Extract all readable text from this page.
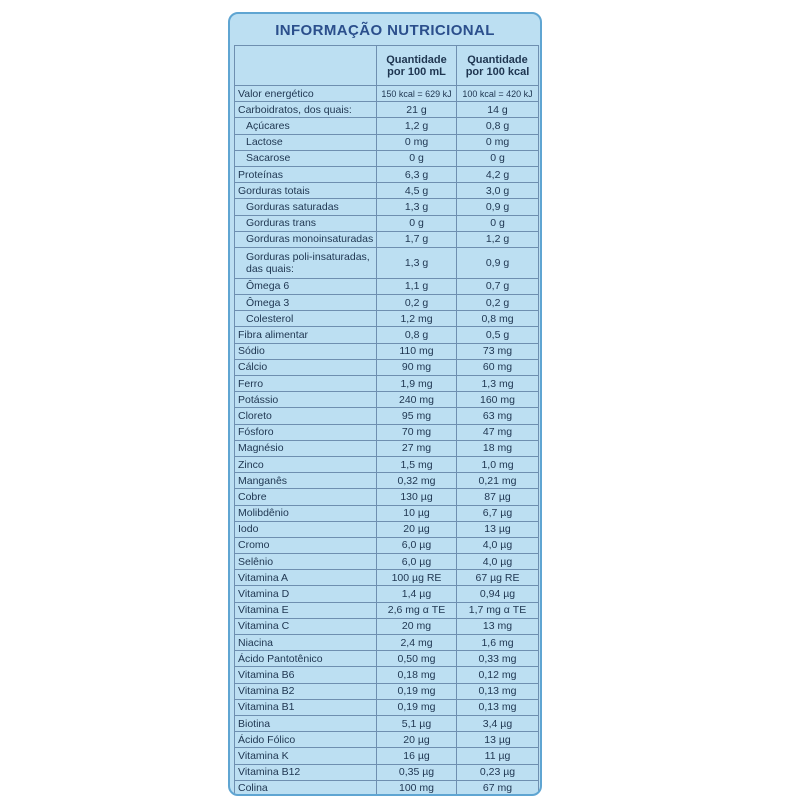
INFORMAÇÃO NUTRICIONAL
	Quantidade por 100 mL	Quantidade por 100 kcal
Valor energético	150 kcal = 629 kJ	100 kcal = 420 kJ
Carboidratos, dos quais:	21 g	14 g
Açúcares	1,2 g	0,8 g
Lactose	0 mg	0 mg
Sacarose	0 g	0 g
Proteínas	6,3 g	4,2 g
Gorduras totais	4,5 g	3,0 g
Gorduras saturadas	1,3 g	0,9 g
Gorduras trans	0 g	0 g
Gorduras monoinsaturadas	1,7 g	1,2 g
Gorduras poli-insaturadas, das quais:	1,3 g	0,9 g
Ômega 6	1,1 g	0,7 g
Ômega 3	0,2 g	0,2 g
Colesterol	1,2 mg	0,8 mg
Fibra alimentar	0,8 g	0,5 g
Sódio	110 mg	73 mg
Cálcio	90 mg	60 mg
Ferro	1,9 mg	1,3 mg
Potássio	240 mg	160 mg
Cloreto	95 mg	63 mg
Fósforo	70 mg	47 mg
Magnésio	27 mg	18 mg
Zinco	1,5 mg	1,0 mg
Manganês	0,32 mg	0,21 mg
Cobre	130 µg	87 µg
Molibdênio	10 µg	6,7 µg
Iodo	20 µg	13 µg
Cromo	6,0 µg	4,0 µg
Selênio	6,0 µg	4,0 µg
Vitamina A	100 µg RE	67 µg RE
Vitamina D	1,4 µg	0,94 µg
Vitamina E	2,6 mg α TE	1,7 mg α TE
Vitamina C	20 mg	13 mg
Niacina	2,4 mg	1,6 mg
Ácido Pantotênico	0,50 mg	0,33 mg
Vitamina B6	0,18 mg	0,12 mg
Vitamina B2	0,19 mg	0,13 mg
Vitamina B1	0,19 mg	0,13 mg
Biotina	5,1 µg	3,4 µg
Ácido Fólico	20 µg	13 µg
Vitamina K	16 µg	11 µg
Vitamina B12	0,35 µg	0,23 µg
Colina	100 mg	67 mg
